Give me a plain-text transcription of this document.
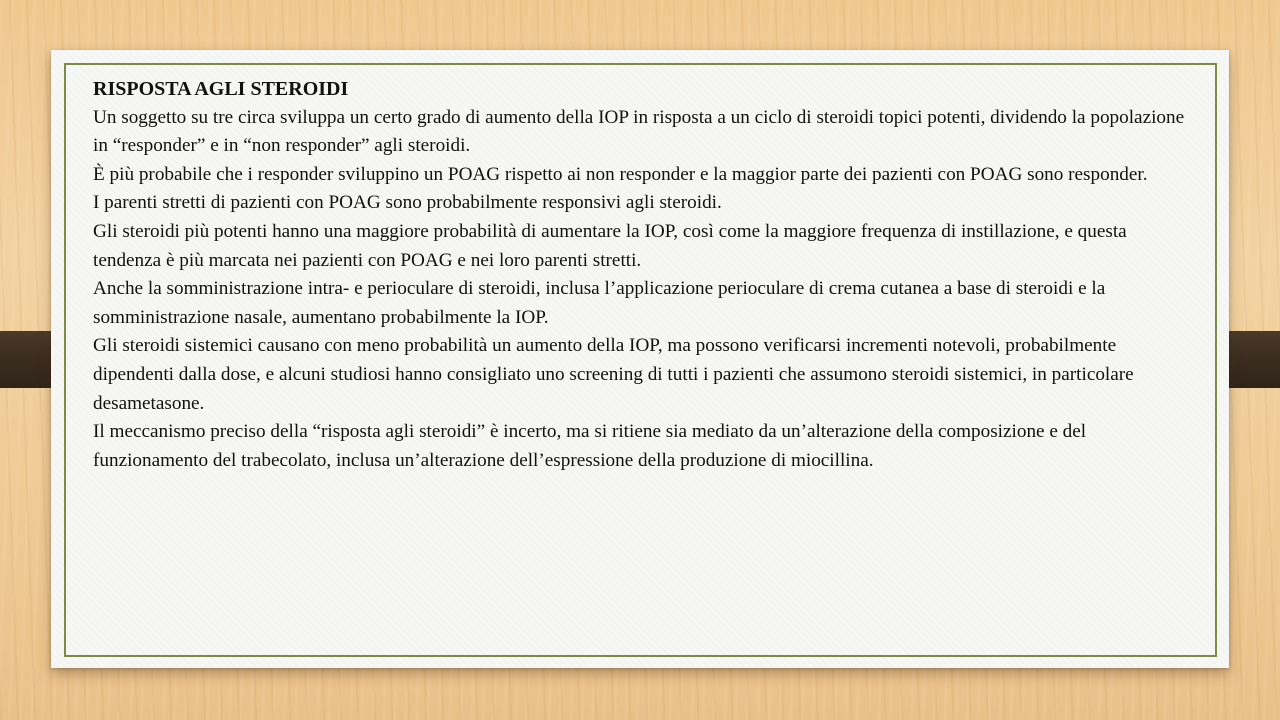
RISPOSTA AGLI STEROIDI

Un soggetto su tre circa sviluppa un certo grado di aumento della IOP in risposta a un ciclo di steroidi topici potenti, dividendo la popolazione in “responder” e in “non responder” agli steroidi.

È più probabile che i responder sviluppino un POAG rispetto ai non responder e la maggior parte dei pazienti con POAG sono responder.

I parenti stretti di pazienti con POAG sono probabilmente responsivi agli steroidi.

Gli steroidi più potenti hanno una maggiore probabilità di aumentare la IOP, così come la maggiore frequenza di instillazione, e questa tendenza è più marcata nei pazienti con POAG e nei loro parenti stretti.

Anche la somministrazione intra- e perioculare di steroidi, inclusa l’applicazione perioculare di crema cutanea a base di steroidi e la somministrazione nasale, aumentano probabilmente la IOP.

Gli steroidi sistemici causano con meno probabilità un aumento della IOP, ma possono verificarsi incrementi notevoli, probabilmente dipendenti dalla dose, e alcuni studiosi hanno consigliato uno screening di tutti i pazienti che assumono steroidi sistemici, in particolare desametasone.

Il meccanismo preciso della “risposta agli steroidi” è incerto, ma si ritiene sia mediato da un’alterazione della composizione e del funzionamento del trabecolato, inclusa un’alterazione dell’espressione della produzione di miocillina.
